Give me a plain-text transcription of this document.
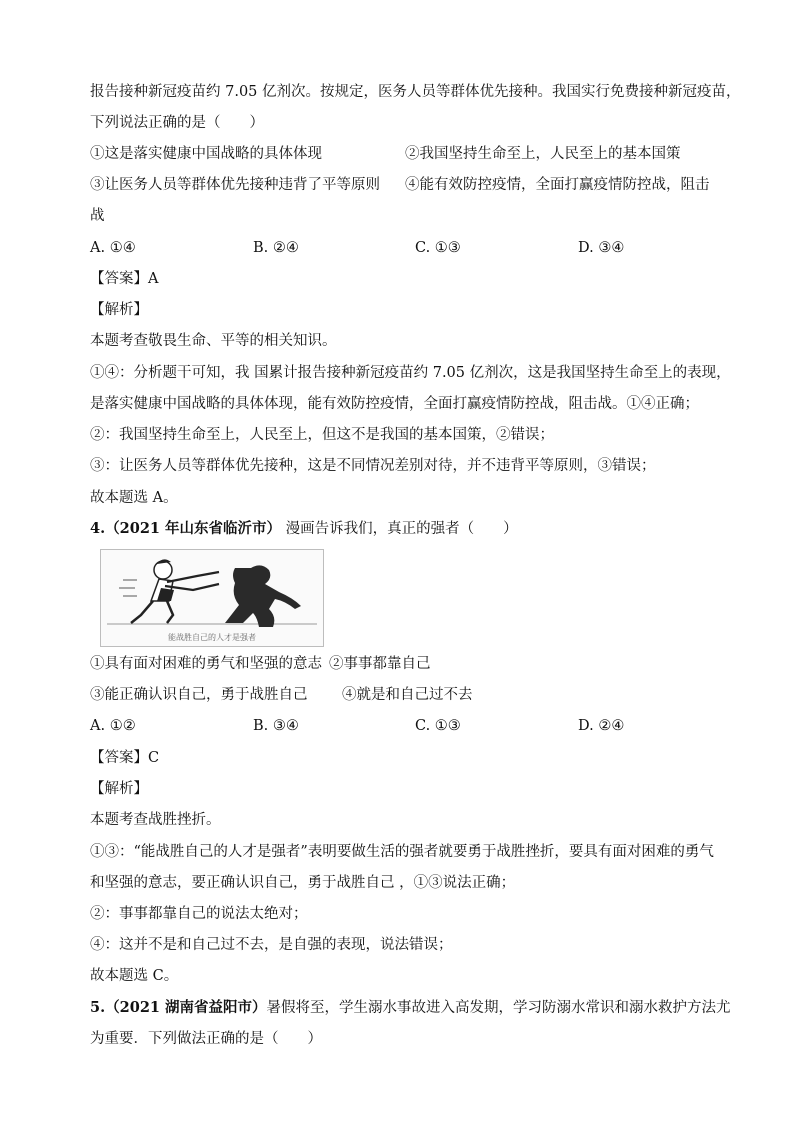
报告接种新冠疫苗约 7.05 亿剂次。按规定，医务人员等群体优先接种。我国实行免费接种新冠疫苗，
下列说法正确的是（　　）
①这是落实健康中国战略的具体体现	②我国坚持生命至上，人民至上的基本国策
③让医务人员等群体优先接种违背了平等原则 ④能有效防控疫情，全面打赢疫情防控战，阻击
战
A. ①④	B. ②④	C. ①③	D. ③④
【答案】A
【解析】
本题考查敬畏生命、平等的相关知识。
①④：分析题干可知，我 国累计报告接种新冠疫苗约 7.05 亿剂次，这是我国坚持生命至上的表现，
是落实健康中国战略的具体体现，能有效防控疫情，全面打赢疫情防控战，阻击战。①④正确；
②：我国坚持生命至上，人民至上，但这不是我国的基本国策，②错误；
③：让医务人员等群体优先接种，这是不同情况差别对待，并不违背平等原则，③错误；
故本题选 A。
4.（2021 年山东省临沂市） 漫画告诉我们，真正的强者（　　）
能战胜自己的人才是强者
①具有面对困难的勇气和坚强的意志 ②事事都靠自己
③能正确认识自己，勇于战胜自己 ④就是和自己过不去
A. ①②	B. ③④	C. ①③	D. ②④
【答案】C
【解析】
本题考查战胜挫折。
①③：“能战胜自己的人才是强者”表明要做生活的强者就要勇于战胜挫折，要具有面对困难的勇气
和坚强的意志，要正确认识自己，勇于战胜自己 ，①③说法正确；
②：事事都靠自己的说法太绝对；
④：这并不是和自己过不去，是自强的表现，说法错误；
故本题选 C。
5.（2021 湖南省益阳市）暑假将至，学生溺水事故进入高发期，学习防溺水常识和溺水救护方法尤
为重要．下列做法正确的是（　　）
